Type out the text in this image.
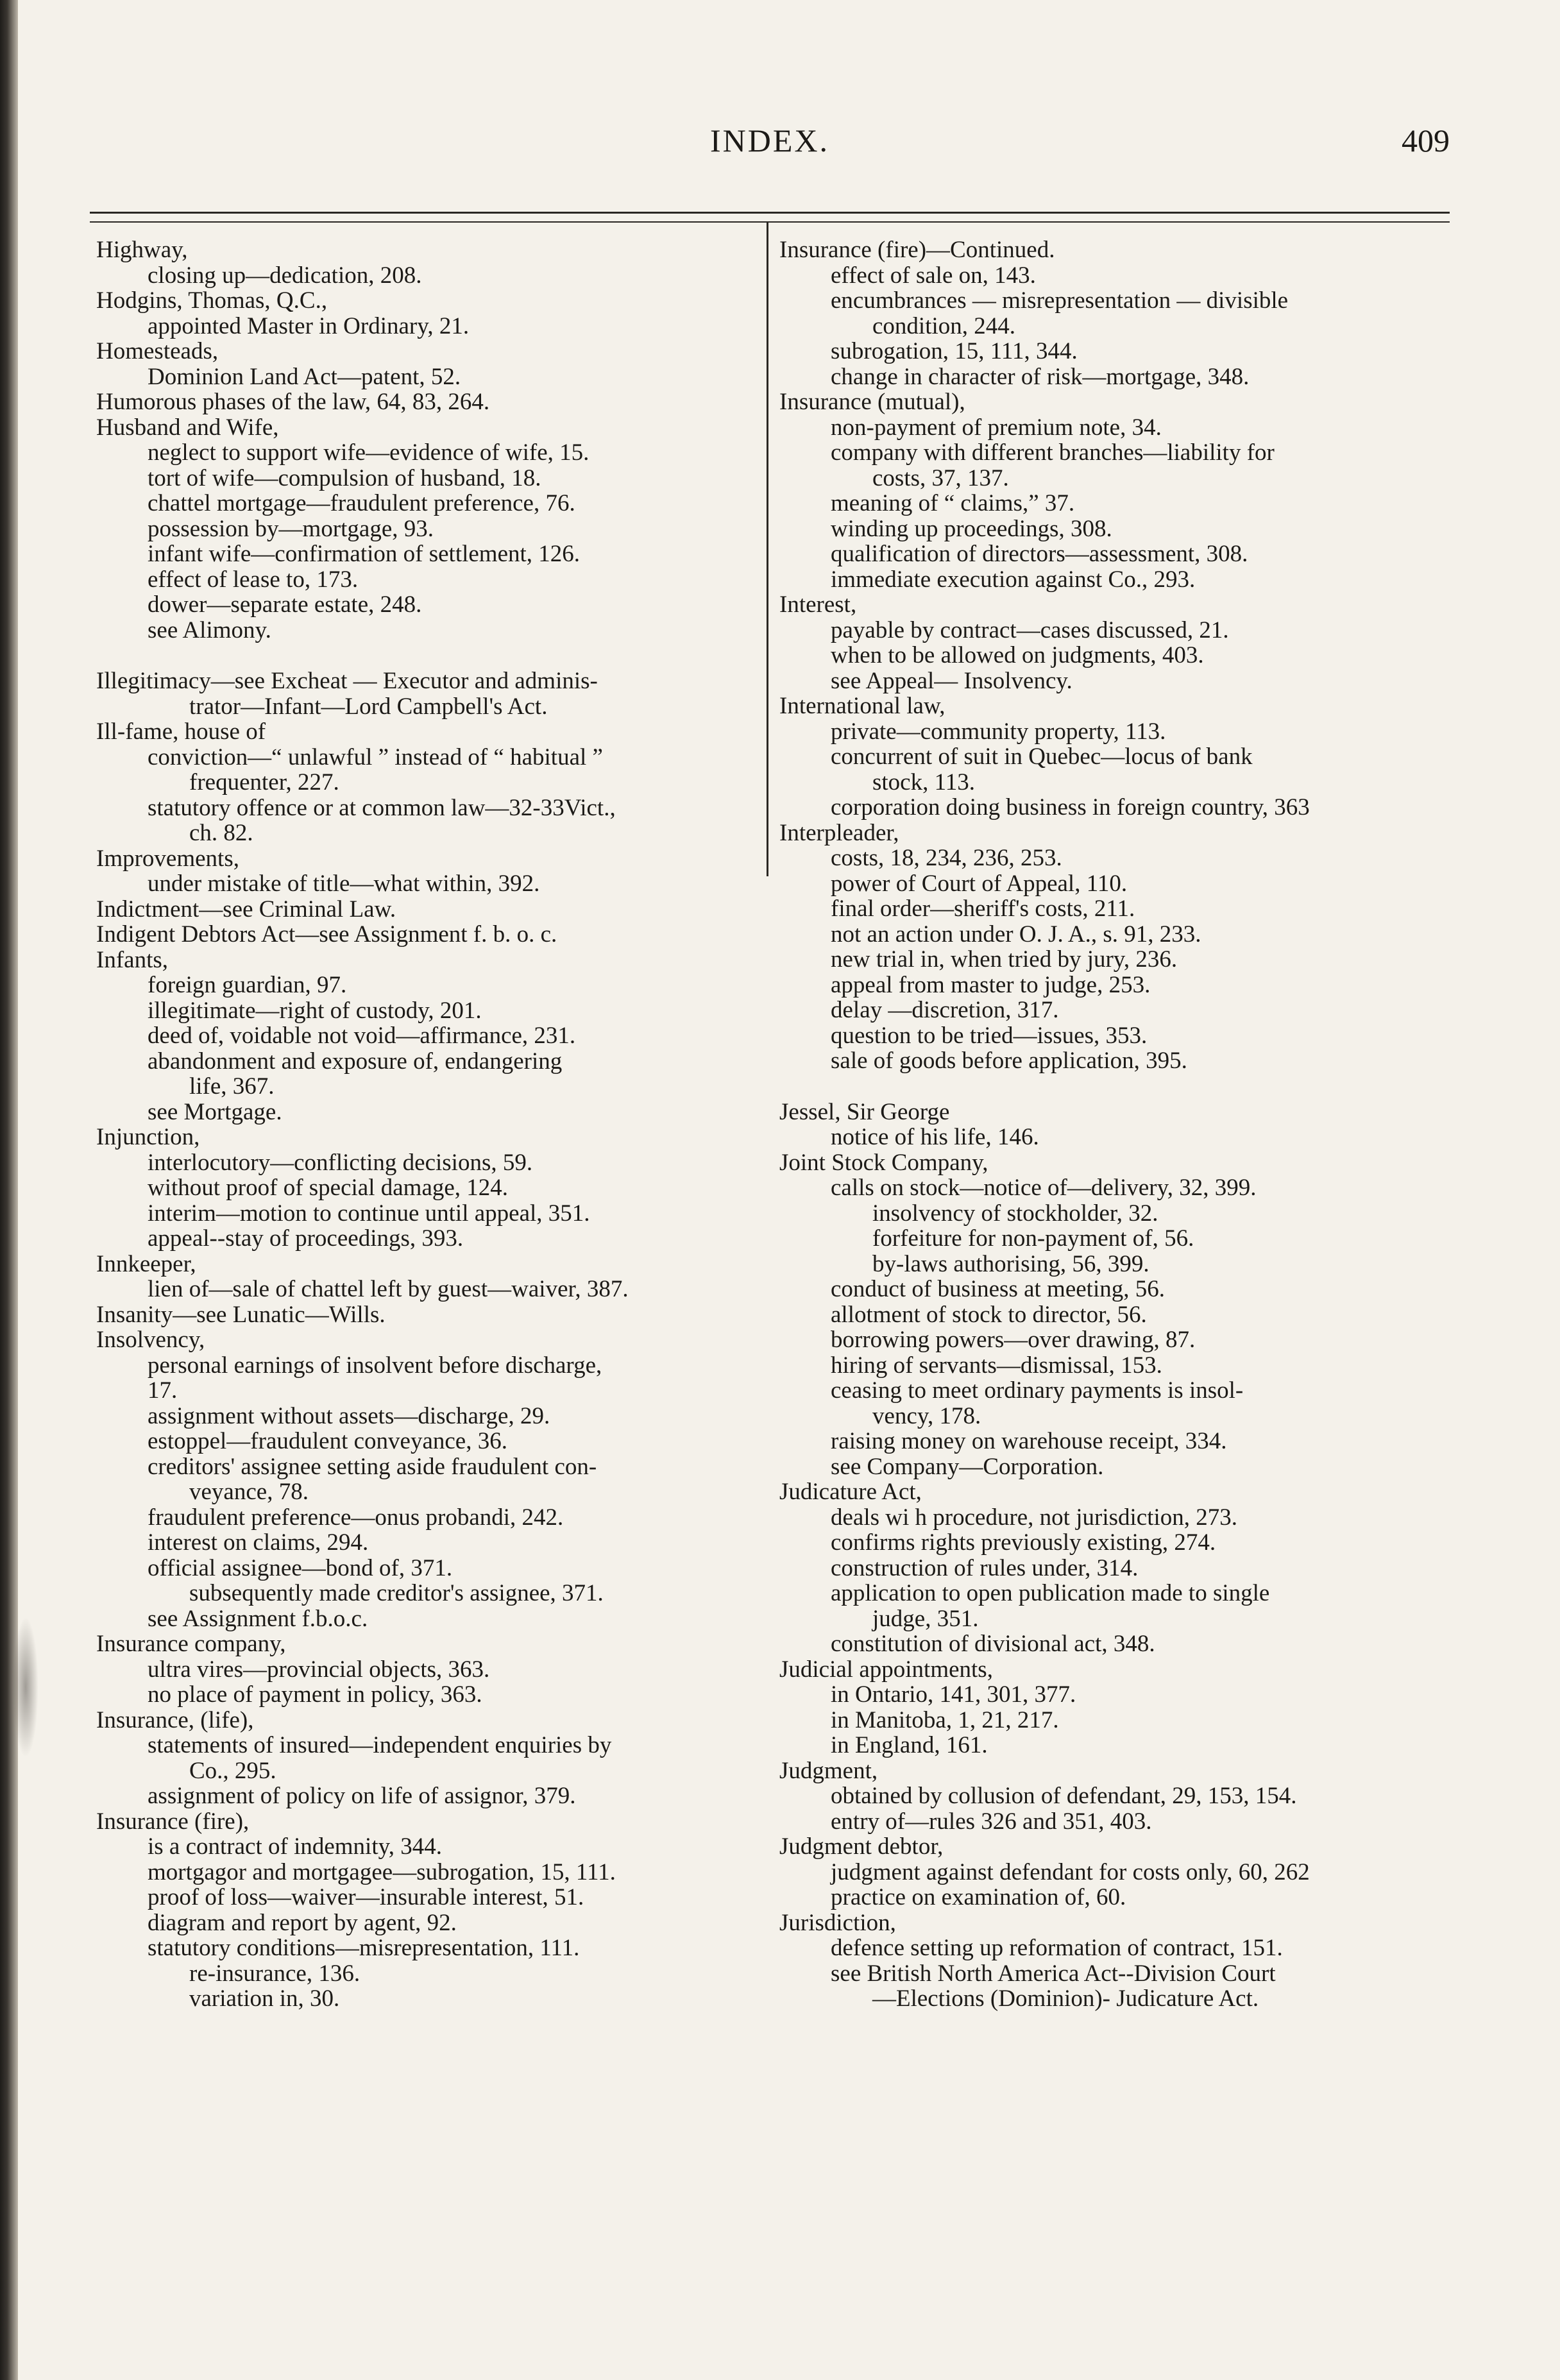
INDEX.	409
Highway,
closing up—dedication, 208.
Hodgins, Thomas, Q.C.,
appointed Master in Ordinary, 21.
Homesteads,
Dominion Land Act—patent, 52.
Humorous phases of the law, 64, 83, 264.
Husband and Wife,
neglect to support wife—evidence of wife, 15.
tort of wife—compulsion of husband, 18.
chattel mortgage—fraudulent preference, 76.
possession by—mortgage, 93.
infant wife—confirmation of settlement, 126.
effect of lease to, 173.
dower—separate estate, 248.
see Alimony.
Illegitimacy—see Excheat — Executor and adminis-
trator—Infant—Lord Campbell's Act.
Ill-fame, house of
conviction—“ unlawful ” instead of “ habitual ”
frequenter, 227.
statutory offence or at common law—32-33Vict.,
ch. 82.
Improvements,
under mistake of title—what within, 392.
Indictment—see Criminal Law.
Indigent Debtors Act—see Assignment f. b. o. c.
Infants,
foreign guardian, 97.
illegitimate—right of custody, 201.
deed of, voidable not void—affirmance, 231.
abandonment and exposure of, endangering
life, 367.
see Mortgage.
Injunction,
interlocutory—conflicting decisions, 59.
without proof of special damage, 124.
interim—motion to continue until appeal, 351.
appeal--stay of proceedings, 393.
Innkeeper,
lien of—sale of chattel left by guest—waiver, 387.
Insanity—see Lunatic—Wills.
Insolvency,
personal earnings of insolvent before discharge,
17.
assignment without assets—discharge, 29.
estoppel—fraudulent conveyance, 36.
creditors' assignee setting aside fraudulent con-
veyance, 78.
fraudulent preference—onus probandi, 242.
interest on claims, 294.
official assignee—bond of, 371.
subsequently made creditor's assignee, 371.
see Assignment f.b.o.c.
Insurance company,
ultra vires—provincial objects, 363.
no place of payment in policy, 363.
Insurance, (life),
statements of insured—independent enquiries by
Co., 295.
assignment of policy on life of assignor, 379.
Insurance (fire),
is a contract of indemnity, 344.
mortgagor and mortgagee—subrogation, 15, 111.
proof of loss—waiver—insurable interest, 51.
diagram and report by agent, 92.
statutory conditions—misrepresentation, 111.
re-insurance, 136.
variation in, 30.
Insurance (fire)—Continued.
effect of sale on, 143.
encumbrances — misrepresentation — divisible
condition, 244.
subrogation, 15, 111, 344.
change in character of risk—mortgage, 348.
Insurance (mutual),
non-payment of premium note, 34.
company with different branches—liability for
costs, 37, 137.
meaning of “ claims,” 37.
winding up proceedings, 308.
qualification of directors—assessment, 308.
immediate execution against Co., 293.
Interest,
payable by contract—cases discussed, 21.
when to be allowed on judgments, 403.
see Appeal— Insolvency.
International law,
private—community property, 113.
concurrent of suit in Quebec—locus of bank
stock, 113.
corporation doing business in foreign country, 363
Interpleader,
costs, 18, 234, 236, 253.
power of Court of Appeal, 110.
final order—sheriff's costs, 211.
not an action under O. J. A., s. 91, 233.
new trial in, when tried by jury, 236.
appeal from master to judge, 253.
delay —discretion, 317.
question to be tried—issues, 353.
sale of goods before application, 395.
Jessel, Sir George
notice of his life, 146.
Joint Stock Company,
calls on stock—notice of—delivery, 32, 399.
insolvency of stockholder, 32.
forfeiture for non-payment of, 56.
by-laws authorising, 56, 399.
conduct of business at meeting, 56.
allotment of stock to director, 56.
borrowing powers—over drawing, 87.
hiring of servants—dismissal, 153.
ceasing to meet ordinary payments is insol-
vency, 178.
raising money on warehouse receipt, 334.
see Company—Corporation.
Judicature Act,
deals wi h procedure, not jurisdiction, 273.
confirms rights previously existing, 274.
construction of rules under, 314.
application to open publication made to single
judge, 351.
constitution of divisional act, 348.
Judicial appointments,
in Ontario, 141, 301, 377.
in Manitoba, 1, 21, 217.
in England, 161.
Judgment,
obtained by collusion of defendant, 29, 153, 154.
entry of—rules 326 and 351, 403.
Judgment debtor,
judgment against defendant for costs only, 60, 262
practice on examination of, 60.
Jurisdiction,
defence setting up reformation of contract, 151.
see British North America Act--Division Court
—Elections (Dominion)- Judicature Act.
